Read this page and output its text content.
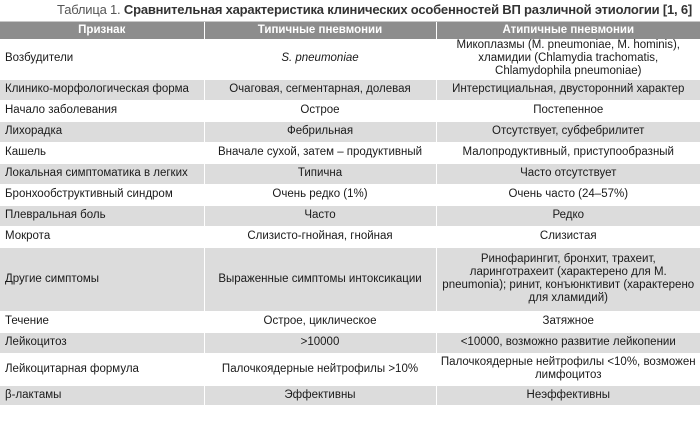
Таблица 1. Сравнительная характеристика клинических особенностей ВП различной этиологии [1, 6]
Признак	Типичные пневмонии	Атипичные пневмонии
Возбудители	S. pneumoniae	Микоплазмы (M. pneumoniae, M. hominis), хламидии (Chlamydia trachomatis, Chlamydophila pneumoniae)
Клинико-морфологическая форма	Очаговая, сегментарная, долевая	Интерстициальная, двусторонний характер
Начало заболевания	Острое	Постепенное
Лихорадка	Фебрильная	Отсутствует, субфебрилитет
Кашель	Вначале сухой, затем – продуктивный	Малопродуктивный, приступообразный
Локальная симптоматика в легких	Типична	Часто отсутствует
Бронхообструктивный синдром	Очень редко (1%)	Очень часто (24–57%)
Плевральная боль	Часто	Редко
Мокрота	Слизисто-гнойная, гнойная	Слизистая
Другие симптомы	Выраженные симптомы интоксикации	Ринофарингит, бронхит, трахеит, ларинготрахеит (характерено для M. pneumonia); ринит, конъюнктивит (характерено для хламидий)
Течение	Острое, циклическое	Затяжное
Лейкоцитоз	>10000	<10000, возможно развитие лейкопении
Лейкоцитарная формула	Палочкоядерные нейтрофилы >10%	Палочкоядерные нейтрофилы <10%, возможен лимфоцитоз
β-лактамы	Эффективны	Неэффективны
